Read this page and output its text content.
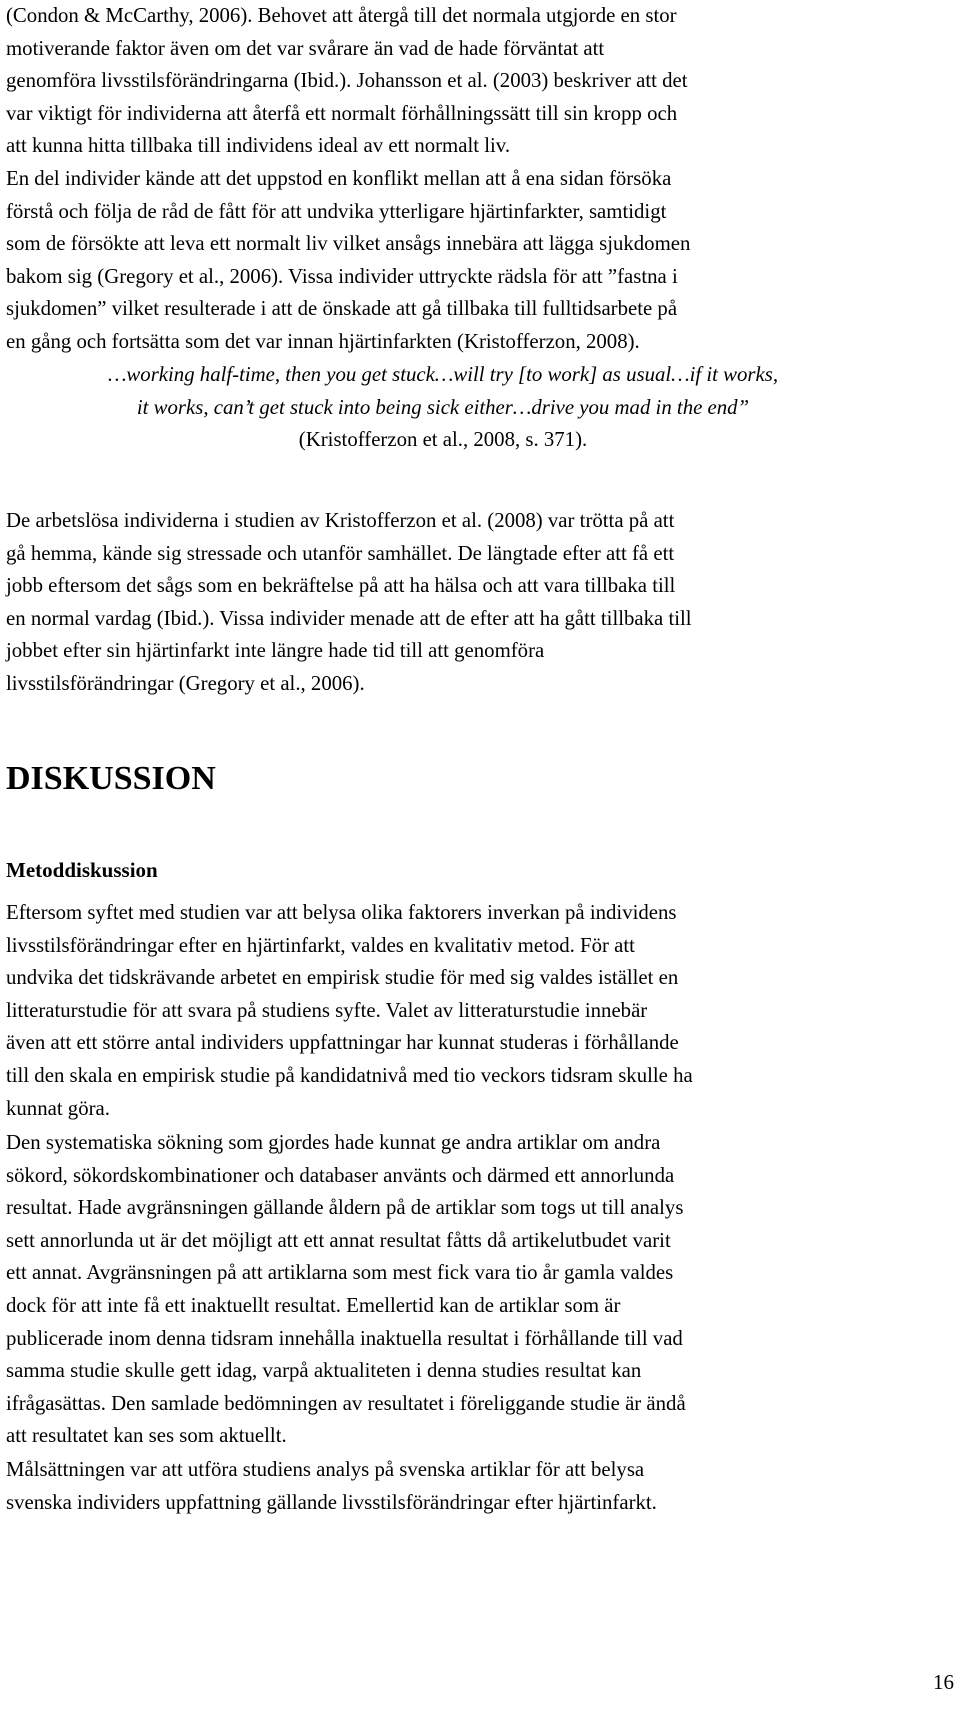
(Condon & McCarthy, 2006). Behovet att återgå till det normala utgjorde en stor
motiverande faktor även om det var svårare än vad de hade förväntat att
genomföra livsstilsförändringarna (Ibid.). Johansson et al. (2003) beskriver att det
var viktigt för individerna att återfå ett normalt förhållningssätt till sin kropp och
att kunna hitta tillbaka till individens ideal av ett normalt liv.
En del individer kände att det uppstod en konflikt mellan att å ena sidan försöka
förstå och följa de råd de fått för att undvika ytterligare hjärtinfarkter, samtidigt
som de försökte att leva ett normalt liv vilket ansågs innebära att lägga sjukdomen
bakom sig (Gregory et al., 2006). Vissa individer uttryckte rädsla för att ”fastna i
sjukdomen” vilket resulterade i att de önskade att gå tillbaka till fulltidsarbete på
en gång och fortsätta som det var innan hjärtinfarkten (Kristofferzon, 2008).
…working half-time, then you get stuck…will try [to work] as usual…if it works,
it works, can’t get stuck into being sick either…drive you mad in the end”
(Kristofferzon et al., 2008, s. 371).
De arbetslösa individerna i studien av Kristofferzon et al. (2008) var trötta på att
gå hemma, kände sig stressade och utanför samhället. De längtade efter att få ett
jobb eftersom det sågs som en bekräftelse på att ha hälsa och att vara tillbaka till
en normal vardag (Ibid.). Vissa individer menade att de efter att ha gått tillbaka till
jobbet efter sin hjärtinfarkt inte längre hade tid till att genomföra
livsstilsförändringar (Gregory et al., 2006).
DISKUSSION
Metoddiskussion
Eftersom syftet med studien var att belysa olika faktorers inverkan på individens
livsstilsförändringar efter en hjärtinfarkt, valdes en kvalitativ metod. För att
undvika det tidskrävande arbetet en empirisk studie för med sig valdes istället en
litteraturstudie för att svara på studiens syfte. Valet av litteraturstudie innebär
även att ett större antal individers uppfattningar har kunnat studeras i förhållande
till den skala en empirisk studie på kandidatnivå med tio veckors tidsram skulle ha
kunnat göra.
Den systematiska sökning som gjordes hade kunnat ge andra artiklar om andra
sökord, sökordskombinationer och databaser använts och därmed ett annorlunda
resultat. Hade avgränsningen gällande åldern på de artiklar som togs ut till analys
sett annorlunda ut är det möjligt att ett annat resultat fåtts då artikelutbudet varit
ett annat. Avgränsningen på att artiklarna som mest fick vara tio år gamla valdes
dock för att inte få ett inaktuellt resultat. Emellertid kan de artiklar som är
publicerade inom denna tidsram innehålla inaktuella resultat i förhållande till vad
samma studie skulle gett idag, varpå aktualiteten i denna studies resultat kan
ifrågasättas. Den samlade bedömningen av resultatet i föreliggande studie är ändå
att resultatet kan ses som aktuellt.
Målsättningen var att utföra studiens analys på svenska artiklar för att belysa
svenska individers uppfattning gällande livsstilsförändringar efter hjärtinfarkt.
16
